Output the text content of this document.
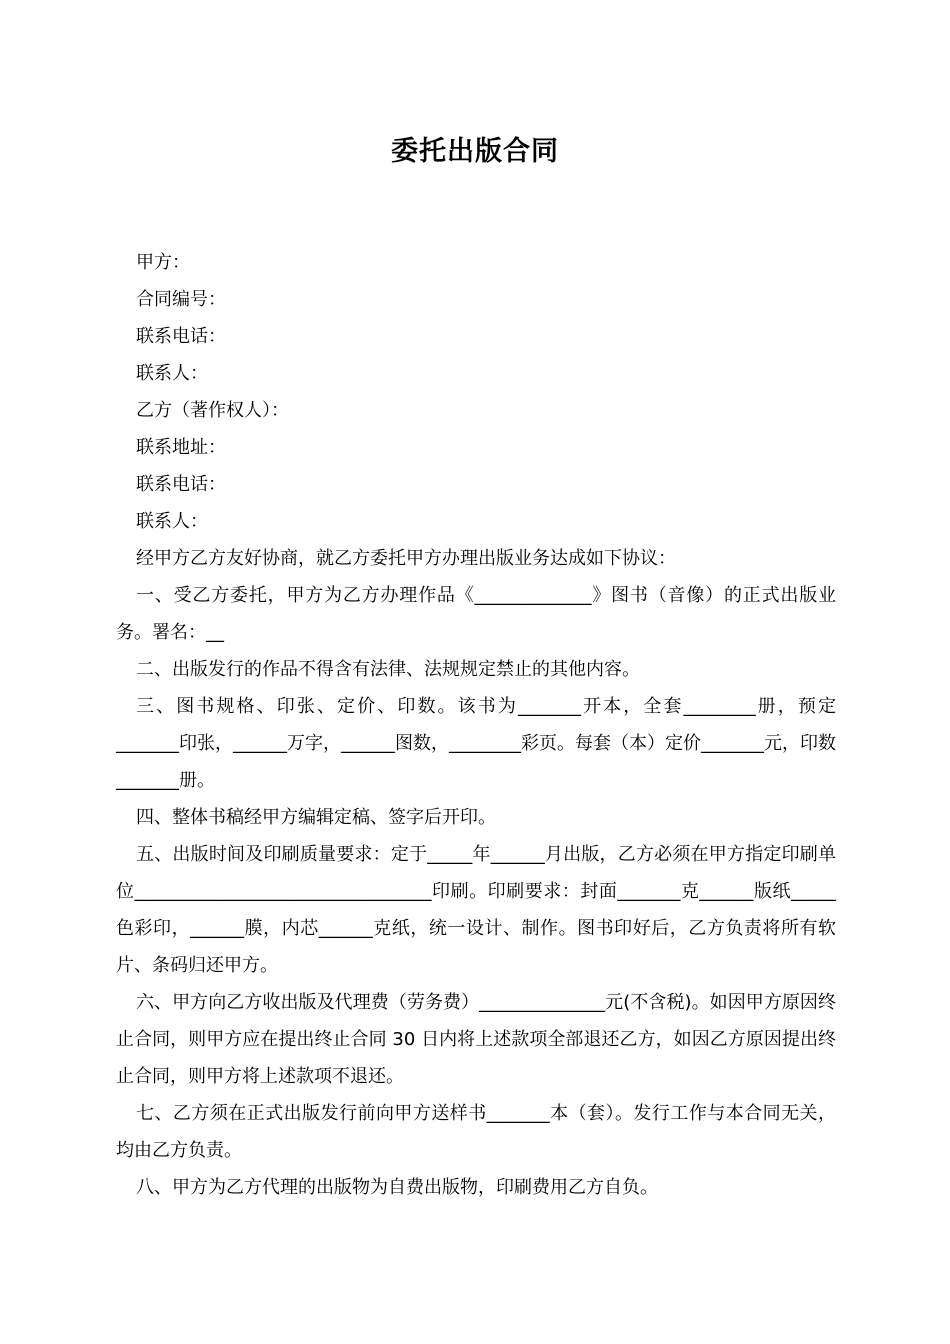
委托出版合同

甲方：

合同编号：

联系电话：

联系人：

乙方（著作权人）：

联系地址：

联系电话：

联系人：

经甲方乙方友好协商，就乙方委托甲方办理出版业务达成如下协议：

一、受乙方委托，甲方为乙方办理作品《_____________》图书（音像）的正式出版业务。署名：__

二、出版发行的作品不得含有法律、法规规定禁止的其他内容。

三、图书规格、印张、定价、印数。该书为_______开本，全套________册，预定_______印张，______万字，______图数，________彩页。每套（本）定价_______元，印数_______册。

四、整体书稿经甲方编辑定稿、签字后开印。

五、出版时间及印刷质量要求：定于_____年______月出版，乙方必须在甲方指定印刷单位_________________________________印刷。印刷要求：封面_______克______版纸_____色彩印，______膜，内芯______克纸，统一设计、制作。图书印好后，乙方负责将所有软片、条码归还甲方。

六、甲方向乙方收出版及代理费（劳务费）______________元(不含税)。如因甲方原因终止合同，则甲方应在提出终止合同 30 日内将上述款项全部退还乙方，如因乙方原因提出终止合同，则甲方将上述款项不退还。

七、乙方须在正式出版发行前向甲方送样书_______本（套）。发行工作与本合同无关，均由乙方负责。

八、甲方为乙方代理的出版物为自费出版物，印刷费用乙方自负。
